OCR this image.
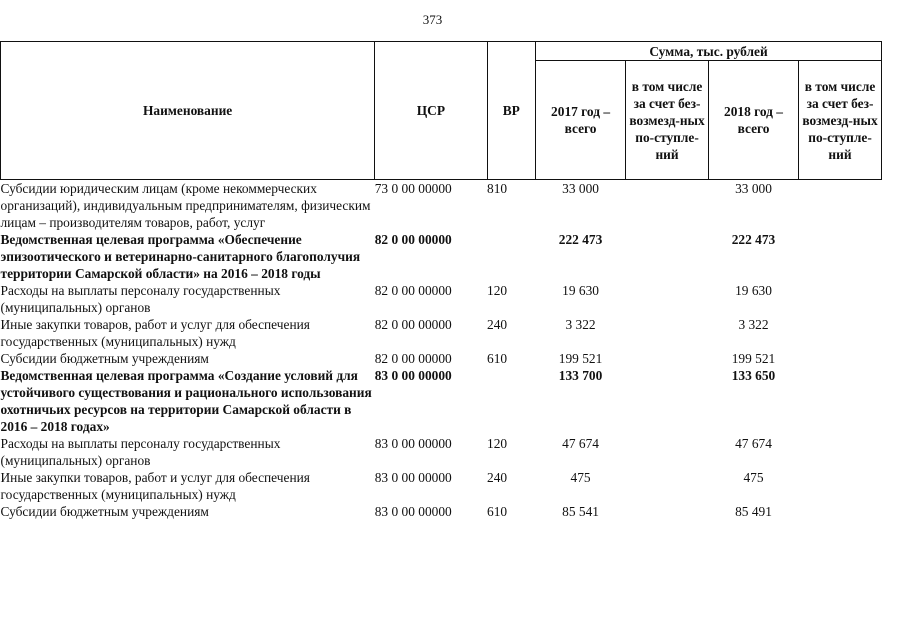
373
Наименование	ЦСР	ВР	Сумма, тыс. рублей			
			2017 год – всего	в том числе за счет без-возмезд-ных по-ступле-ний	2018 год – всего	в том числе за счет без-возмезд-ных по-ступле-ний
Субсидии юридическим лицам (кроме некоммерческих организаций), индивидуальным предпринимателям, физическим лицам – производителям товаров, работ, услуг	73 0 00 00000	810	33 000		33 000	
Ведомственная целевая программа «Обеспечение эпизоотического и ветеринарно-санитарного благополучия территории Самарской области» на 2016 – 2018 годы	82 0 00 00000		222 473		222 473	
Расходы на выплаты персоналу государственных (муниципальных) органов	82 0 00 00000	120	19 630		19 630	
Иные закупки товаров, работ и услуг для обеспечения государственных (муниципальных) нужд	82 0 00 00000	240	3 322		3 322	
Субсидии бюджетным учреждениям	82 0 00 00000	610	199 521		199 521	
Ведомственная целевая программа «Создание условий для устойчивого существования и рационального использования охотничьих ресурсов на территории Самарской области в 2016 – 2018 годах»	83 0 00 00000		133 700		133 650	
Расходы на выплаты персоналу государственных (муниципальных) органов	83 0 00 00000	120	47 674		47 674	
Иные закупки товаров, работ и услуг для обеспечения государственных (муниципальных) нужд	83 0 00 00000	240	475		475	
Субсидии бюджетным учреждениям	83 0 00 00000	610	85 541		85 491	
